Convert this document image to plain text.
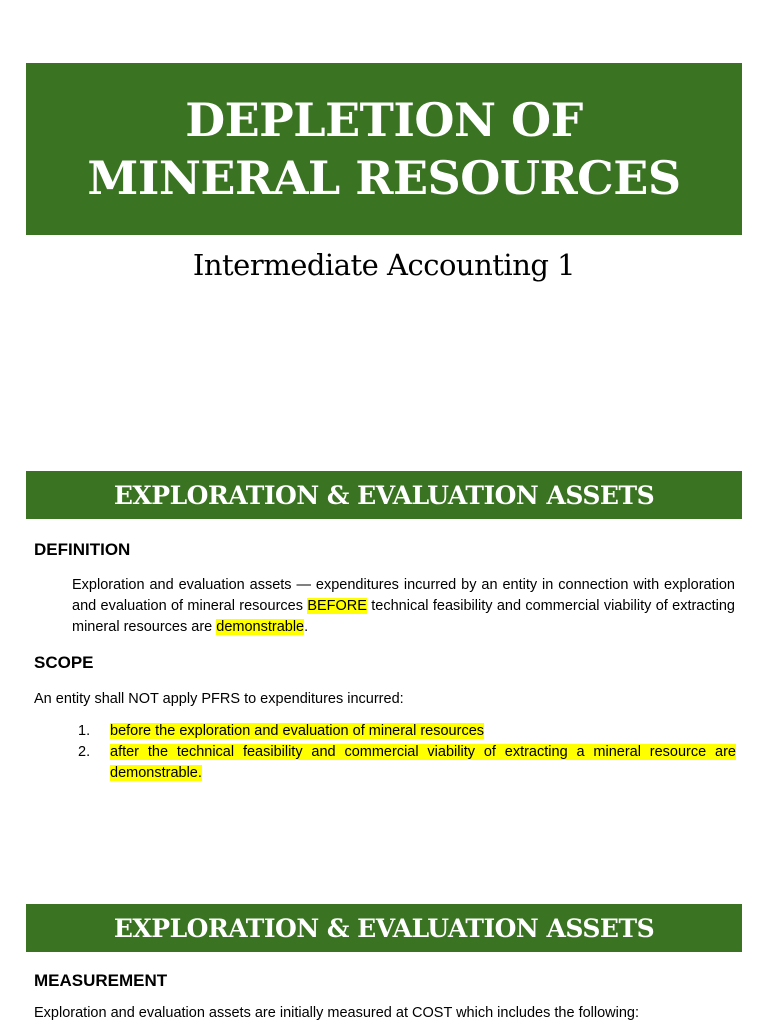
DEPLETION OF
MINERAL RESOURCES
Intermediate Accounting 1
EXPLORATION & EVALUATION ASSETS
DEFINITION
Exploration and evaluation assets — expenditures incurred by an entity in connection with exploration and evaluation of mineral resources BEFORE technical feasibility and commercial viability of extracting mineral resources are demonstrable.
SCOPE
An entity shall NOT apply PFRS to expenditures incurred:
1. before the exploration and evaluation of mineral resources
2. after the technical feasibility and commercial viability of extracting a mineral resource are demonstrable.
EXPLORATION & EVALUATION ASSETS
MEASUREMENT
Exploration and evaluation assets are initially measured at COST which includes the following:
